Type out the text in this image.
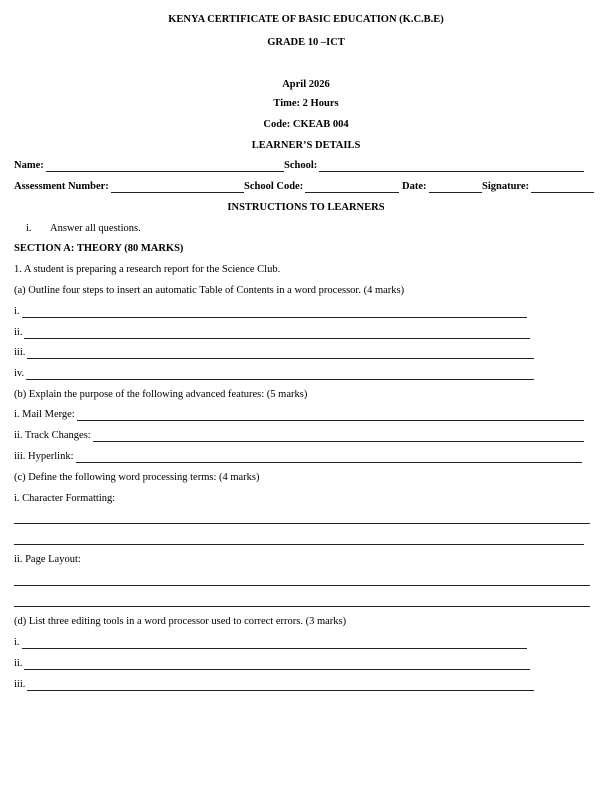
KENYA CERTIFICATE OF BASIC EDUCATION (K.C.B.E)
GRADE 10 –ICT
April 2026
Time: 2 Hours
Code: CKEAB 004
LEARNER’S DETAILS
Name:	School:
Assessment Number:	School Code:	Date:	Signature:
INSTRUCTIONS TO LEARNERS
i. Answer all questions.
SECTION A: THEORY (80 MARKS)
1. A student is preparing a research report for the Science Club.
(a) Outline four steps to insert an automatic Table of Contents in a word processor. (4 marks)
i.
ii.
iii.
iv.
(b) Explain the purpose of the following advanced features: (5 marks)
i. Mail Merge:
ii. Track Changes:
iii. Hyperlink:
(c) Define the following word processing terms: (4 marks)
i. Character Formatting:
ii. Page Layout:
(d) List three editing tools in a word processor used to correct errors. (3 marks)
i.
ii.
iii.
